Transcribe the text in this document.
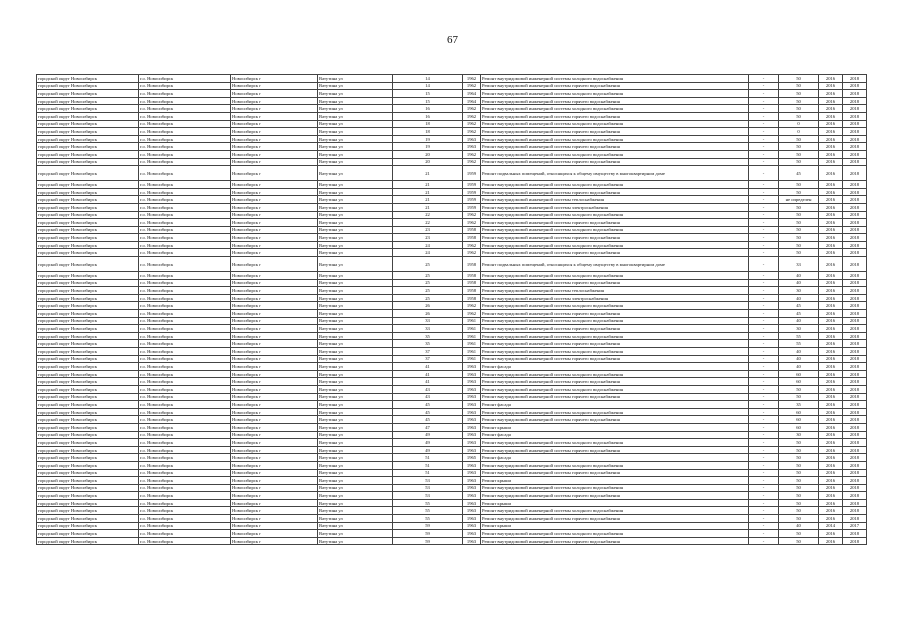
67
городской округ Новосибирск	г.о. Новосибирск	Новосибирск г	Ватутина ул	14	1962	Ремонт внутридомовой инженерной системы холодного водоснабжения	-	50	2016	2018
городской округ Новосибирск	г.о. Новосибирск	Новосибирск г	Ватутина ул	14	1962	Ремонт внутридомовой инженерной системы горячего водоснабжения	-	50	2016	2018
городской округ Новосибирск	г.о. Новосибирск	Новосибирск г	Ватутина ул	15	1964	Ремонт внутридомовой инженерной системы холодного водоснабжения	-	50	2016	2018
городской округ Новосибирск	г.о. Новосибирск	Новосибирск г	Ватутина ул	15	1964	Ремонт внутридомовой инженерной системы горячего водоснабжения	-	50	2016	2018
городской округ Новосибирск	г.о. Новосибирск	Новосибирск г	Ватутина ул	16	1962	Ремонт внутридомовой инженерной системы холодного водоснабжения	-	50	2016	2018
городской округ Новосибирск	г.о. Новосибирск	Новосибирск г	Ватутина ул	16	1962	Ремонт внутридомовой инженерной системы горячего водоснабжения	-	50	2016	2018
городской округ Новосибирск	г.о. Новосибирск	Новосибирск г	Ватутина ул	18	1962	Ремонт внутридомовой инженерной системы холодного водоснабжения	-	0	2016	2018
городской округ Новосибирск	г.о. Новосибирск	Новосибирск г	Ватутина ул	18	1962	Ремонт внутридомовой инженерной системы горячего водоснабжения	-	0	2016	2018
городской округ Новосибирск	г.о. Новосибирск	Новосибирск г	Ватутина ул	19	1963	Ремонт внутридомовой инженерной системы холодного водоснабжения	-	50	2016	2018
городской округ Новосибирск	г.о. Новосибирск	Новосибирск г	Ватутина ул	19	1963	Ремонт внутридомовой инженерной системы горячего водоснабжения	-	50	2016	2018
городской округ Новосибирск	г.о. Новосибирск	Новосибирск г	Ватутина ул	20	1962	Ремонт внутридомовой инженерной системы холодного водоснабжения	-	50	2016	2018
городской округ Новосибирск	г.о. Новосибирск	Новосибирск г	Ватутина ул	20	1962	Ремонт внутридомовой инженерной системы горячего водоснабжения	-	50	2016	2018
городской округ Новосибирск	г.о. Новосибирск	Новосибирск г	Ватутина ул	21	1959	Ремонт подвальных помещений, относящихся к общему имуществу в многоквартирном доме	-	45	2016	2018
городской округ Новосибирск	г.о. Новосибирск	Новосибирск г	Ватутина ул	21	1959	Ремонт внутридомовой инженерной системы холодного водоснабжения	-	50	2016	2018
городской округ Новосибирск	г.о. Новосибирск	Новосибирск г	Ватутина ул	21	1959	Ремонт внутридомовой инженерной системы горячего водоснабжения	-	50	2016	2018
городской округ Новосибирск	г.о. Новосибирск	Новосибирск г	Ватутина ул	21	1959	Ремонт внутридомовой инженерной системы теплоснабжения	-	не определен	2016	2018
городской округ Новосибирск	г.о. Новосибирск	Новосибирск г	Ватутина ул	21	1959	Ремонт внутридомовой инженерной системы электроснабжения	-	50	2016	2018
городской округ Новосибирск	г.о. Новосибирск	Новосибирск г	Ватутина ул	22	1962	Ремонт внутридомовой инженерной системы холодного водоснабжения	-	50	2016	2018
городской округ Новосибирск	г.о. Новосибирск	Новосибирск г	Ватутина ул	22	1962	Ремонт внутридомовой инженерной системы горячего водоснабжения	-	50	2016	2018
городской округ Новосибирск	г.о. Новосибирск	Новосибирск г	Ватутина ул	23	1958	Ремонт внутридомовой инженерной системы холодного водоснабжения	-	50	2016	2018
городской округ Новосибирск	г.о. Новосибирск	Новосибирск г	Ватутина ул	23	1958	Ремонт внутридомовой инженерной системы горячего водоснабжения	-	50	2016	2018
городской округ Новосибирск	г.о. Новосибирск	Новосибирск г	Ватутина ул	24	1962	Ремонт внутридомовой инженерной системы холодного водоснабжения	-	50	2016	2018
городской округ Новосибирск	г.о. Новосибирск	Новосибирск г	Ватутина ул	24	1962	Ремонт внутридомовой инженерной системы горячего водоснабжения	-	50	2016	2018
городской округ Новосибирск	г.о. Новосибирск	Новосибирск г	Ватутина ул	25	1958	Ремонт подвальных помещений, относящихся к общему имуществу в многоквартирном доме	-	33	2016	2018
городской округ Новосибирск	г.о. Новосибирск	Новосибирск г	Ватутина ул	25	1958	Ремонт внутридомовой инженерной системы холодного водоснабжения	-	40	2016	2018
городской округ Новосибирск	г.о. Новосибирск	Новосибирск г	Ватутина ул	25	1958	Ремонт внутридомовой инженерной системы горячего водоснабжения	-	40	2016	2018
городской округ Новосибирск	г.о. Новосибирск	Новосибирск г	Ватутина ул	25	1958	Ремонт внутридомовой инженерной системы теплоснабжения	-	30	2016	2018
городской округ Новосибирск	г.о. Новосибирск	Новосибирск г	Ватутина ул	25	1958	Ремонт внутридомовой инженерной системы электроснабжения	-	40	2016	2018
городской округ Новосибирск	г.о. Новосибирск	Новосибирск г	Ватутина ул	26	1962	Ремонт внутридомовой инженерной системы холодного водоснабжения	-	45	2016	2018
городской округ Новосибирск	г.о. Новосибирск	Новосибирск г	Ватутина ул	26	1962	Ремонт внутридомовой инженерной системы горячего водоснабжения	-	45	2016	2018
городской округ Новосибирск	г.о. Новосибирск	Новосибирск г	Ватутина ул	33	1961	Ремонт внутридомовой инженерной системы холодного водоснабжения	-	40	2016	2018
городской округ Новосибирск	г.о. Новосибирск	Новосибирск г	Ватутина ул	33	1961	Ремонт внутридомовой инженерной системы горячего водоснабжения	-	30	2016	2018
городской округ Новосибирск	г.о. Новосибирск	Новосибирск г	Ватутина ул	35	1961	Ремонт внутридомовой инженерной системы холодного водоснабжения	-	55	2016	2018
городской округ Новосибирск	г.о. Новосибирск	Новосибирск г	Ватутина ул	35	1961	Ремонт внутридомовой инженерной системы горячего водоснабжения	-	55	2016	2018
городской округ Новосибирск	г.о. Новосибирск	Новосибирск г	Ватутина ул	37	1961	Ремонт внутридомовой инженерной системы холодного водоснабжения	-	40	2016	2018
городской округ Новосибирск	г.о. Новосибирск	Новосибирск г	Ватутина ул	37	1961	Ремонт внутридомовой инженерной системы горячего водоснабжения	-	40	2016	2018
городской округ Новосибирск	г.о. Новосибирск	Новосибирск г	Ватутина ул	41	1963	Ремонт фасада	-	40	2016	2018
городской округ Новосибирск	г.о. Новосибирск	Новосибирск г	Ватутина ул	41	1963	Ремонт внутридомовой инженерной системы холодного водоснабжения	-	60	2016	2018
городской округ Новосибирск	г.о. Новосибирск	Новосибирск г	Ватутина ул	41	1963	Ремонт внутридомовой инженерной системы горячего водоснабжения	-	60	2016	2018
городской округ Новосибирск	г.о. Новосибирск	Новосибирск г	Ватутина ул	43	1963	Ремонт внутридомовой инженерной системы холодного водоснабжения	-	50	2016	2018
городской округ Новосибирск	г.о. Новосибирск	Новосибирск г	Ватутина ул	43	1963	Ремонт внутридомовой инженерной системы горячего водоснабжения	-	50	2016	2018
городской округ Новосибирск	г.о. Новосибирск	Новосибирск г	Ватутина ул	45	1963	Ремонт фасада	-	35	2016	2018
городской округ Новосибирск	г.о. Новосибирск	Новосибирск г	Ватутина ул	45	1963	Ремонт внутридомовой инженерной системы холодного водоснабжения	-	60	2016	2018
городской округ Новосибирск	г.о. Новосибирск	Новосибирск г	Ватутина ул	45	1963	Ремонт внутридомовой инженерной системы горячего водоснабжения	-	60	2016	2018
городской округ Новосибирск	г.о. Новосибирск	Новосибирск г	Ватутина ул	47	1963	Ремонт крыши	-	60	2016	2018
городской округ Новосибирск	г.о. Новосибирск	Новосибирск г	Ватутина ул	49	1963	Ремонт фасада	-	30	2016	2018
городской округ Новосибирск	г.о. Новосибирск	Новосибирск г	Ватутина ул	49	1963	Ремонт внутридомовой инженерной системы холодного водоснабжения	-	50	2016	2018
городской округ Новосибирск	г.о. Новосибирск	Новосибирск г	Ватутина ул	49	1963	Ремонт внутридомовой инженерной системы горячего водоснабжения	-	50	2016	2018
городской округ Новосибирск	г.о. Новосибирск	Новосибирск г	Ватутина ул	51	1965	Ремонт фасада	-	50	2016	2018
городской округ Новосибирск	г.о. Новосибирск	Новосибирск г	Ватутина ул	51	1963	Ремонт внутридомовой инженерной системы холодного водоснабжения	-	50	2016	2018
городской округ Новосибирск	г.о. Новосибирск	Новосибирск г	Ватутина ул	51	1963	Ремонт внутридомовой инженерной системы горячего водоснабжения	-	50	2016	2018
городской округ Новосибирск	г.о. Новосибирск	Новосибирск г	Ватутина ул	53	1963	Ремонт крыши	-	50	2016	2018
городской округ Новосибирск	г.о. Новосибирск	Новосибирск г	Ватутина ул	53	1963	Ремонт внутридомовой инженерной системы холодного водоснабжения	-	50	2016	2018
городской округ Новосибирск	г.о. Новосибирск	Новосибирск г	Ватутина ул	53	1963	Ремонт внутридомовой инженерной системы горячего водоснабжения	-	50	2016	2018
городской округ Новосибирск	г.о. Новосибирск	Новосибирск г	Ватутина ул	55	1963	Ремонт крыши	-	50	2016	2018
городской округ Новосибирск	г.о. Новосибирск	Новосибирск г	Ватутина ул	55	1963	Ремонт внутридомовой инженерной системы холодного водоснабжения	-	50	2016	2018
городской округ Новосибирск	г.о. Новосибирск	Новосибирск г	Ватутина ул	55	1963	Ремонт внутридомовой инженерной системы горячего водоснабжения	-	50	2016	2018
городской округ Новосибирск	г.о. Новосибирск	Новосибирск г	Ватутина ул	59	1963	Ремонт крыши	-	40	2014	2017
городской округ Новосибирск	г.о. Новосибирск	Новосибирск г	Ватутина ул	59	1963	Ремонт внутридомовой инженерной системы холодного водоснабжения	-	50	2016	2018
городской округ Новосибирск	г.о. Новосибирск	Новосибирск г	Ватутина ул	59	1963	Ремонт внутридомовой инженерной системы горячего водоснабжения	-	50	2016	2018
